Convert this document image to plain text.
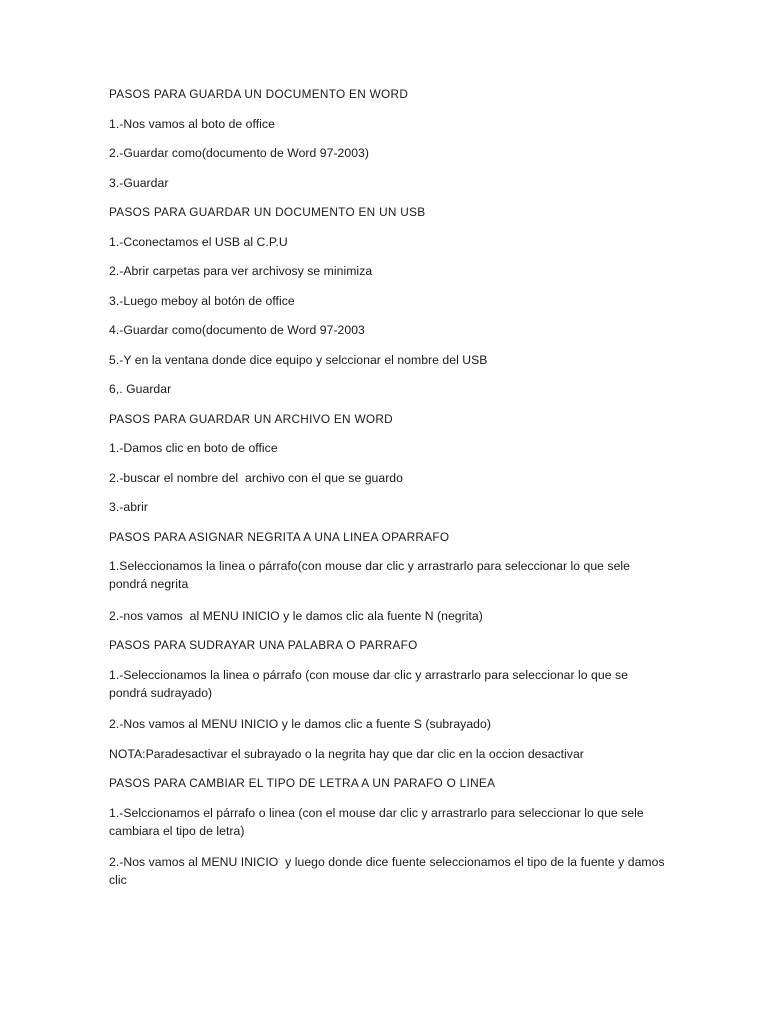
PASOS PARA GUARDA UN DOCUMENTO EN WORD

1.-Nos vamos al boto de office

2.-Guardar como(documento de Word 97-2003)

3.-Guardar

PASOS PARA GUARDAR UN DOCUMENTO EN UN USB

1.-Cconectamos el USB al C.P.U

2.-Abrir carpetas para ver archivosy se minimiza

3.-Luego meboy al botón de office

4.-Guardar como(documento de Word 97-2003

5.-Y en la ventana donde dice equipo y selccionar el nombre del USB

6,. Guardar

PASOS PARA GUARDAR UN ARCHIVO EN WORD

1.-Damos clic en boto de office

2.-buscar el nombre del  archivo con el que se guardo

3.-abrir

PASOS PARA ASIGNAR NEGRITA A UNA LINEA OPARRAFO

1.Seleccionamos la linea o párrafo(con mouse dar clic y arrastrarlo para seleccionar lo que sele pondrá negrita

2.-nos vamos  al MENU INICIO y le damos clic ala fuente N (negrita)

PASOS PARA SUDRAYAR UNA PALABRA O PARRAFO

1.-Seleccionamos la linea o párrafo (con mouse dar clic y arrastrarlo para seleccionar lo que se pondrá sudrayado)

2.-Nos vamos al MENU INICIO y le damos clic a fuente S (subrayado)

NOTA:Paradesactivar el subrayado o la negrita hay que dar clic en la occion desactivar

PASOS PARA CAMBIAR EL TIPO DE LETRA A UN PARAFO O LINEA

1.-Selccionamos el párrafo o linea (con el mouse dar clic y arrastrarlo para seleccionar lo que sele cambiara el tipo de letra)

2.-Nos vamos al MENU INICIO  y luego donde dice fuente seleccionamos el tipo de la fuente y damos clic
